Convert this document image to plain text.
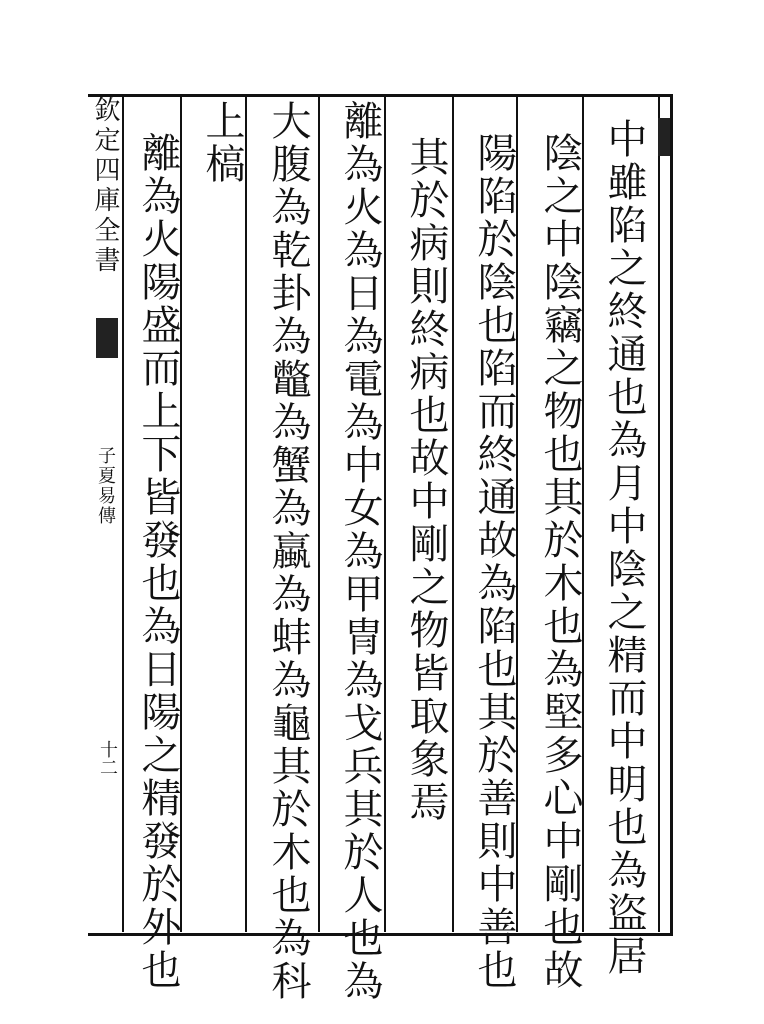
欽定四庫全書
子夏易傳
十二	中雖陷之終通也為月中陰之精而中明也為盜居
陰之中陰竊之物也其於木也為堅多心中剛也故
陽陷於陰也陷而終通故為陷也其於善則中善也
其於病則終病也故中剛之物皆取象焉
離為火為日為電為中女為甲冑為戈兵其於人也為
大腹為乾卦為鼈為蟹為蠃為蚌為龜其於木也為科
上槁
離為火陽盛而上下皆發也為日陽之精發於外也
